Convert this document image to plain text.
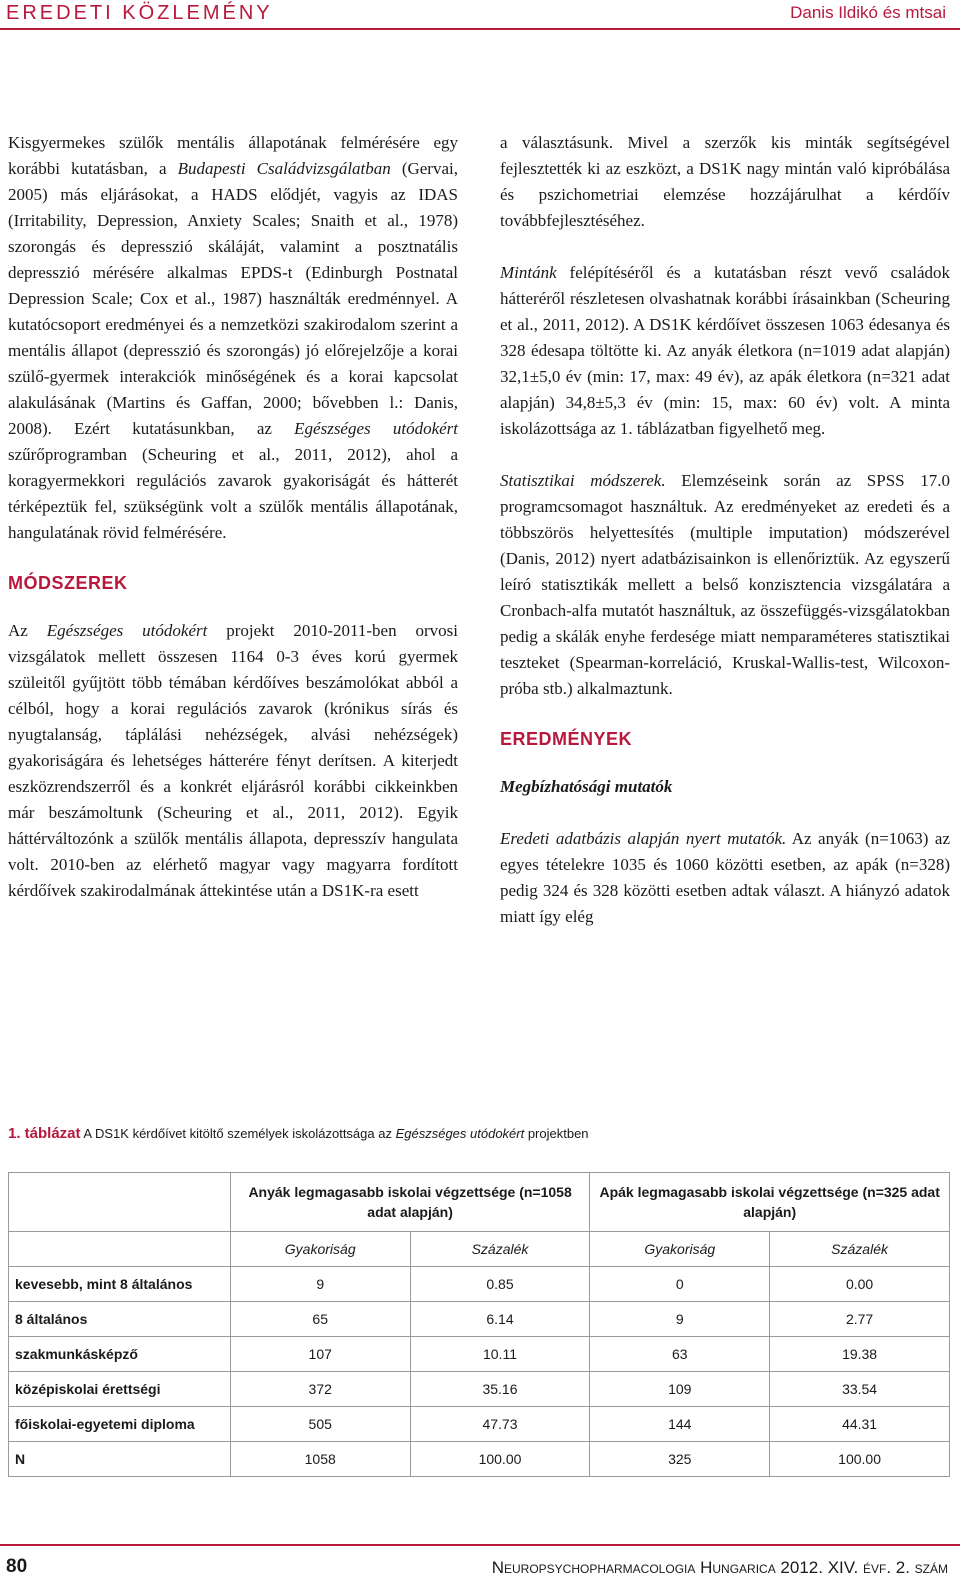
EREDETI KÖZLEMÉNY	Danis Ildikó és mtsai

Kisgyermekes szülők mentális állapotának felmérésére egy korábbi kutatásban, a Budapesti Családvizsgálatban (Gervai, 2005) más eljárásokat, a HADS elődjét, vagyis az IDAS (Irritability, Depression, Anxiety Scales; Snaith et al., 1978) szorongás és depresszió skáláját, valamint a posztnatális depresszió mérésére alkalmas EPDS-t (Edinburgh Postnatal Depression Scale; Cox et al., 1987) használták eredménnyel. A kutatócsoport eredményei és a nemzetközi szakirodalom szerint a mentális állapot (depresszió és szorongás) jó előrejelzője a korai szülő-gyermek interakciók minőségének és a korai kapcsolat alakulásának (Martins és Gaffan, 2000; bővebben l.: Danis, 2008). Ezért kutatásunkban, az Egészséges utódokért szűrőprogramban (Scheuring et al., 2011, 2012), ahol a koragyermekkori regulációs zavarok gyakoriságát és hátterét térképeztük fel, szükségünk volt a szülők mentális állapotának, hangulatának rövid felmérésére.

MÓDSZEREK

Az Egészséges utódokért projekt 2010-2011-ben orvosi vizsgálatok mellett összesen 1164 0-3 éves korú gyermek szüleitől gyűjtött több témában kérdőíves beszámolókat abból a célból, hogy a korai regulációs zavarok (krónikus sírás és nyugtalanság, táplálási nehézségek, alvási nehézségek) gyakoriságára és lehetséges hátterére fényt derítsen. A kiterjedt eszközrendszerről és a konkrét eljárásról korábbi cikkeinkben már beszámoltunk (Scheuring et al., 2011, 2012). Egyik háttérváltozónk a szülők mentális állapota, depresszív hangulata volt. 2010-ben az elérhető magyar vagy magyarra fordított kérdőívek szakirodalmának áttekintése után a DS1K-ra esett

a választásunk. Mivel a szerzők kis minták segítségével fejlesztették ki az eszközt, a DS1K nagy mintán való kipróbálása és pszichometriai elemzése hozzájárulhat a kérdőív továbbfejlesztéséhez.

Mintánk felépítéséről és a kutatásban részt vevő családok hátteréről részletesen olvashatnak korábbi írásainkban (Scheuring et al., 2011, 2012). A DS1K kérdőívet összesen 1063 édesanya és 328 édesapa töltötte ki. Az anyák életkora (n=1019 adat alapján) 32,1±5,0 év (min: 17, max: 49 év), az apák életkora (n=321 adat alapján) 34,8±5,3 év (min: 15, max: 60 év) volt. A minta iskolázottsága az 1. táblázatban figyelhető meg.

Statisztikai módszerek. Elemzéseink során az SPSS 17.0 programcsomagot használtuk. Az eredményeket az eredeti és a többszörös helyettesítés (multiple imputation) módszerével (Danis, 2012) nyert adatbázisainkon is ellenőriztük. Az egyszerű leíró statisztikák mellett a belső konzisztencia vizsgálatára a Cronbach-alfa mutatót használtuk, az összefüggés-vizsgálatokban pedig a skálák enyhe ferdesége miatt nemparaméteres statisztikai teszteket (Spearman-korreláció, Kruskal-Wallis-test, Wilcoxon-próba stb.) alkalmaztunk.

EREDMÉNYEK

Megbízhatósági mutatók

Eredeti adatbázis alapján nyert mutatók. Az anyák (n=1063) az egyes tételekre 1035 és 1060 közötti esetben, az apák (n=328) pedig 324 és 328 közötti esetben adtak választ. A hiányzó adatok miatt így elég

1. táblázat A DS1K kérdőívet kitöltő személyek iskolázottsága az Egészséges utódokért projektben
	Anyák legmagasabb iskolai végzettsége (n=1058 adat alapján)		Apák legmagasabb iskolai végzettsége (n=325 adat alapján)	
	Gyakoriság	Százalék	Gyakoriság	Százalék
kevesebb, mint 8 általános	9	0.85	0	0.00
8 általános	65	6.14	9	2.77
szakmunkásképző	107	10.11	63	19.38
középiskolai érettségi	372	35.16	109	33.54
főiskolai-egyetemi diploma	505	47.73	144	44.31
N	1058	100.00	325	100.00
80	Neuropsychopharmacologia Hungarica 2012. XIV. évf. 2. szám
